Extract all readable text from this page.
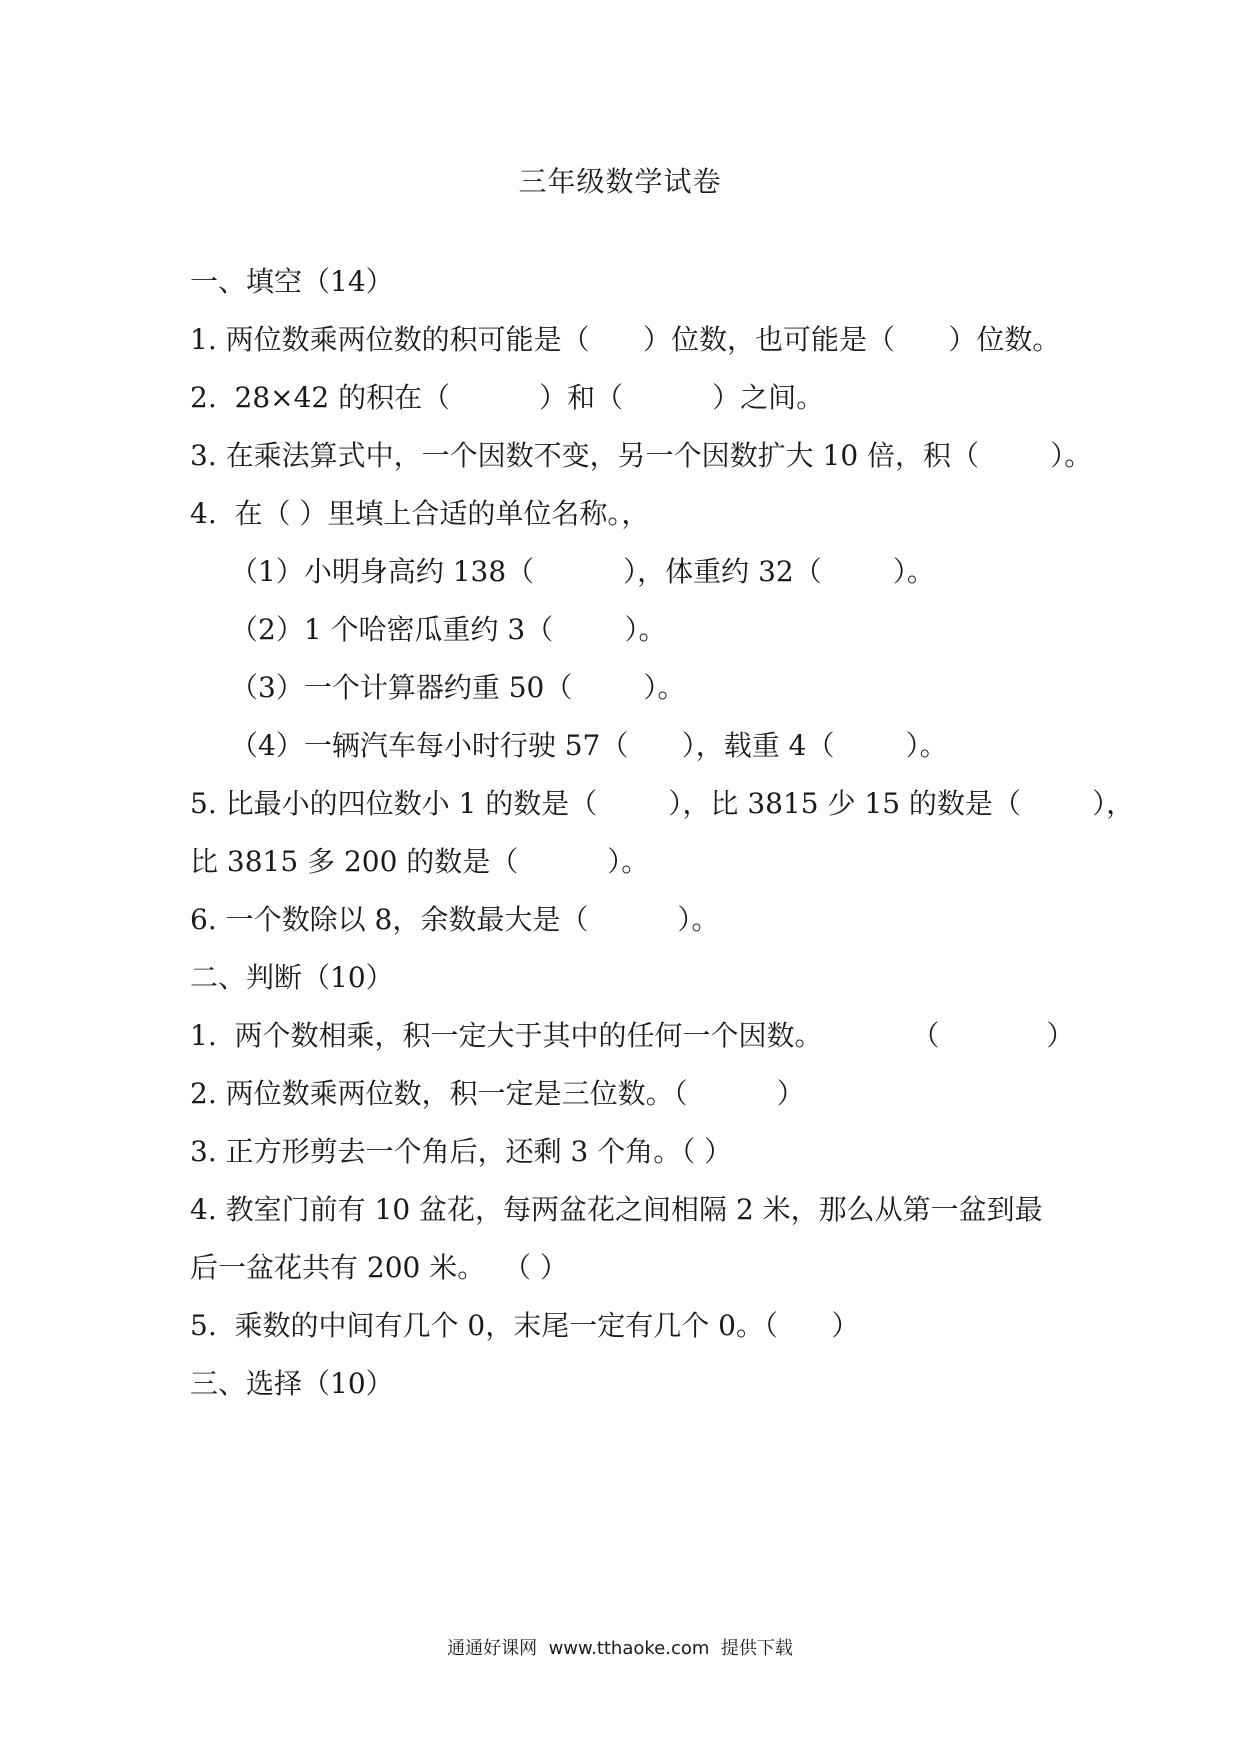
三年级数学试卷
一、填空（14）
1. 两位数乘两位数的积可能是（      ）位数，也可能是（      ）位数。
2.  28×42 的积在（          ）和（          ）之间。
3. 在乘法算式中，一个因数不变，另一个因数扩大 10 倍，积（        ）。
4.  在（ ）里填上合适的单位名称。，
（1）小明身高约 138（          ），体重约 32（        ）。
（2）1 个哈密瓜重约 3（        ）。
（3）一个计算器约重 50（        ）。
（4）一辆汽车每小时行驶 57（      ），载重 4（        ）。
5. 比最小的四位数小 1 的数是（        ），比 3815 少 15 的数是（        ），
比 3815 多 200 的数是（          ）。
6. 一个数除以 8，余数最大是（          ）。
二、判断（10）
1.  两个数相乘，积一定大于其中的任何一个因数。          （            ）
2. 两位数乘两位数，积一定是三位数。（          ）
3. 正方形剪去一个角后，还剩 3 个角。（ ）
4. 教室门前有 10 盆花，每两盆花之间相隔 2 米，那么从第一盆到最
后一盆花共有 200 米。  （ ）
5.  乘数的中间有几个 0，末尾一定有几个 0。（      ）
三、选择（10）
通通好课网  www.tthaoke.com  提供下载
